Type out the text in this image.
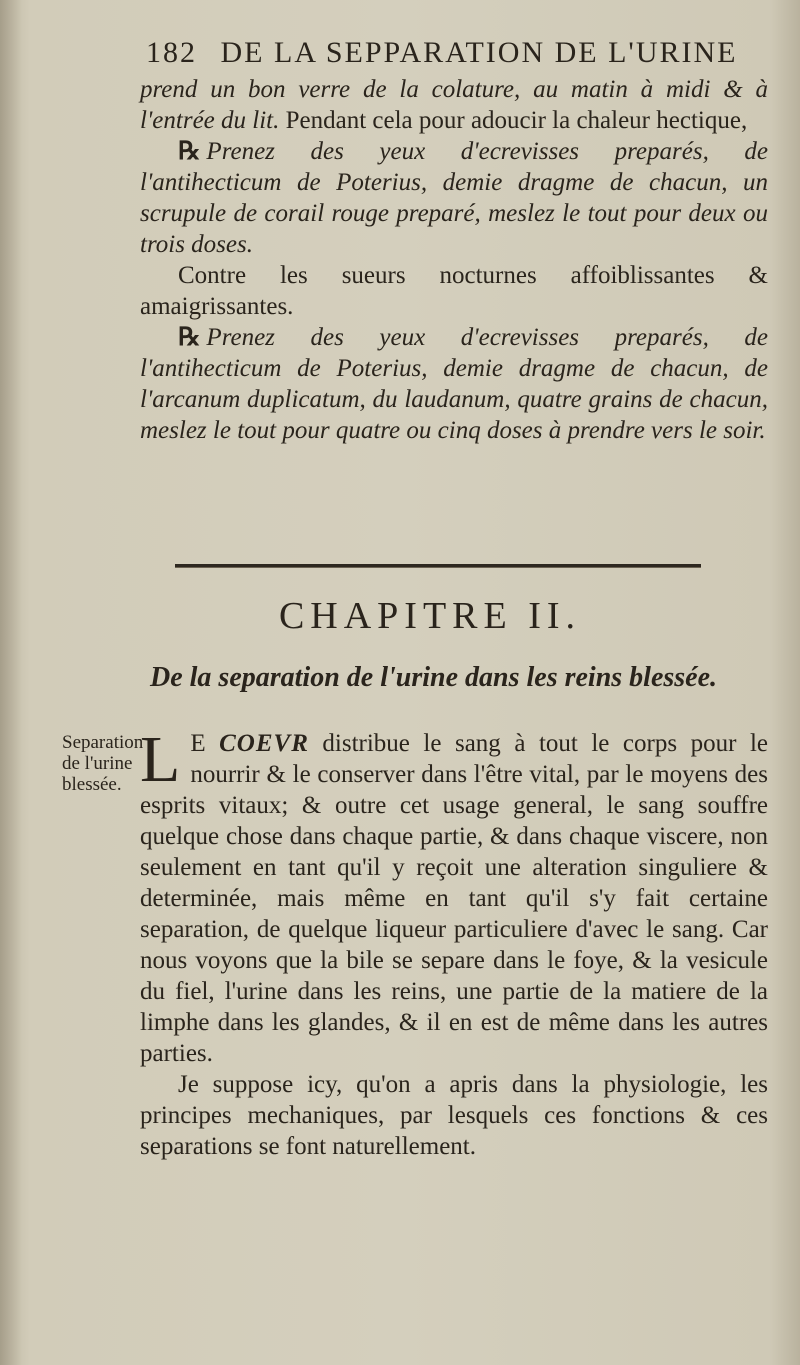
182 DE LA SEPPARATION DE L'URINE

prend un bon verre de la colature, au matin à midi & à l'entrée du lit. Pendant cela pour adoucir la chaleur hectique,

℞ Prenez des yeux d'ecrevisses preparés, de l'antihecticum de Poterius, demie dragme de chacun, un scrupule de corail rouge preparé, meslez le tout pour deux ou trois doses.

Contre les sueurs nocturnes affoiblissantes & amaigrissantes.

℞ Prenez des yeux d'ecrevisses preparés, de l'antihecticum de Poterius, demie dragme de chacun, de l'arcanum duplicatum, du laudanum, quatre grains de chacun, meslez le tout pour quatre ou cinq doses à prendre vers le soir.

CHAPITRE II.
De la separation de l'urine dans les reins blessée.
Separation de l'urine blessée. L E COEVR distribue le sang à tout le corps pour le nourrir & le conserver dans l'être vital, par le moyens des esprits vitaux; & outre cet usage general, le sang souffre quelque chose dans chaque partie, & dans chaque viscere, non seulement en tant qu'il y reçoit une alteration singuliere & determinée, mais même en tant qu'il s'y fait certaine separation, de quelque liqueur particuliere d'avec le sang. Car nous voyons que la bile se separe dans le foye, & la vesicule du fiel, l'urine dans les reins, une partie de la matiere de la limphe dans les glandes, & il en est de même dans les autres parties.

Je suppose icy, qu'on a apris dans la physiologie, les principes mechaniques, par lesquels ces fonctions & ces separations se font naturellement.
